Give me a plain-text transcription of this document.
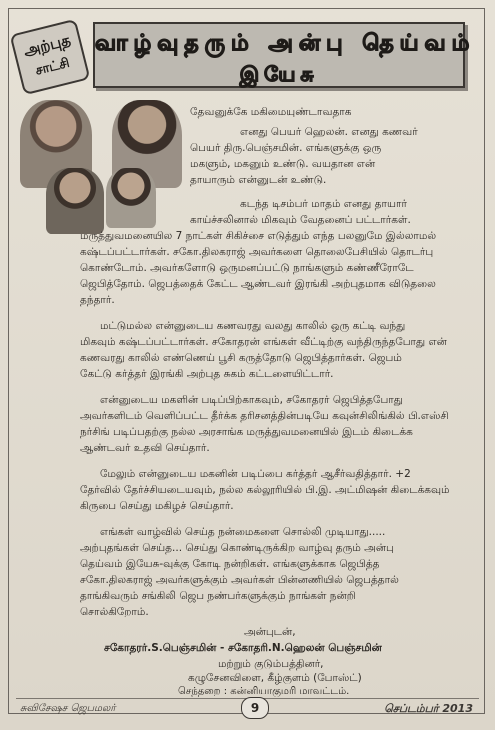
அற்புத
சாட்சி
வாழ்வுதரும் அன்பு தெய்வம்
இயேசு
தேவனுக்கே மகிமையுண்டாவதாக
எனது பெயர் ஹெலன். எனது கணவர்
பெயர் திரு.பெஞ்சமின். எங்களுக்கு ஒரு
மகளும், மகனும் உண்டு. வயதான என்
தாயாரும் என்னுடன் உண்டு.
கடந்த டிசம்பர் மாதம் எனது தாயார்
காய்ச்சலினால் மிகவும் வேதனைப் பட்டார்கள்.
மருத்துவமனையில 7 நாட்கள் சிகிச்சை எடுத்தும் எந்த பலனுமே இல்லாமல்
கஷ்டப்பட்டார்கள். சகோ.திலகராஜ் அவர்களை தொலைபேசியில் தொடர்பு
கொண்டோம். அவர்களோடு ஒருமனப்பட்டு நாங்களும் கண்ணீரோடே
ஜெபித்தோம். ஜெபத்தைக் கேட்ட ஆண்டவர் இரங்கி அற்புதமாக விடுதலை
தந்தார்.
மட்டுமல்ல என்னுடைய கணவரது வலது காலில் ஒரு கட்டி வந்து
மிகவும் கஷ்டப்பட்டார்கள். சகோதரன் எங்கள் வீட்டிற்கு வந்திருந்தபோது என்
கணவரது காலில் எண்ணெய் பூசி கருத்தோடு ஜெபித்தார்கள். ஜெபம்
கேட்டு கர்த்தர் இரங்கி அற்புத சுகம் கட்டளையிட்டார்.
என்னுடைய மகளின் படிப்பிற்காகவும், சகோதரர் ஜெபித்தபோது
அவர்களிடம் வெளிப்பட்ட தீர்க்க தரிசனத்தின்படியே கவுன்சிலிங்கில் பி.எஸ்சி
நர்சிங் படிப்பதற்கு நல்ல அரசாங்க மருத்துவமனையில் இடம் கிடைக்க
ஆண்டவர் உதவி செய்தார்.
மேலும் என்னுடைய மகனின் படிப்பை கர்த்தர் ஆசீர்வதித்தார். +2
தேர்வில் தேர்ச்சியடையவும், நல்ல கல்லூரியில் பி.இ. அட்மிஷன் கிடைக்கவும்
கிருபை செய்து மகிழச் செய்தார்.
எங்கள் வாழ்வில் செய்த நன்மைகளை சொல்லி முடியாது.....
அற்புதங்கள் செய்த... செய்து கொண்டிருக்கிற வாழ்வு தரும் அன்பு
தெய்வம் இயேசு-வுக்கு கோடி நன்றிகள். எங்களுக்காக ஜெபித்த
சகோ.திலகராஜ் அவர்களுக்கும் அவர்கள் பின்னணியில் ஜெபத்தால்
தாங்கிவரும் சங்கிலி ஜெப நண்பர்களுக்கும் நாங்கள் நன்றி
சொல்கிறோம்.
அன்புடன்,
சகோதரர்.S.பெஞ்சமின் - சகோதரி.N.ஹெலன் பெஞ்சமின்
மற்றும் குடும்பத்தினர்,
கழுசேனவிளை, கீழ்குளம் (போஸ்ட்)
செந்தறை : கன்னியாகுமரி மாவட்டம்.
சுவிசேஷச ஜெபமலர்	9	செப்டம்பர் 2013
